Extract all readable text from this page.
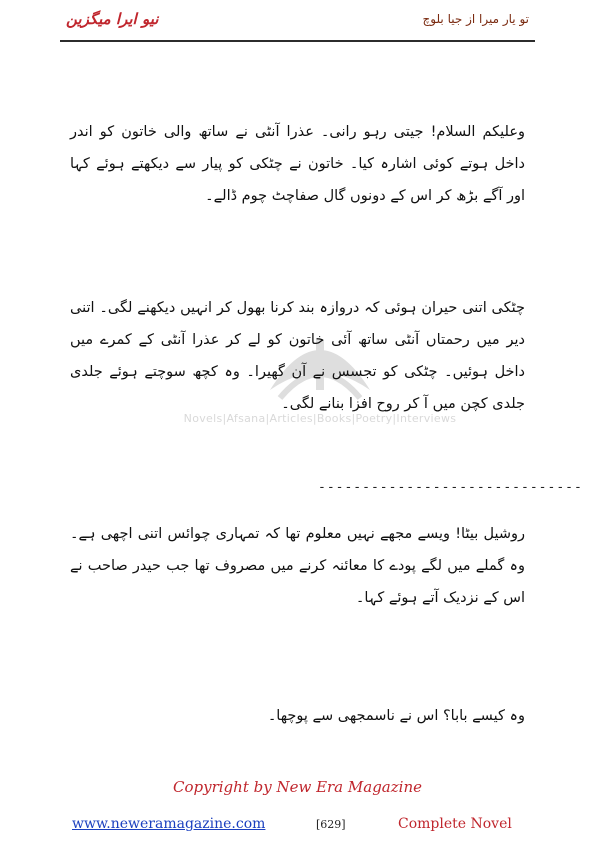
نیو ایرا میگزین	تو یار میرا از جیا بلوچ
Novels|Afsana|Articles|Books|Poetry|Interviews
وعلیکم السلام! جیتی رہو رانی۔ عذرا آنٹی نے ساتھ والی خاتون کو اندر داخل ہوتے کوئی اشارہ کیا۔ خاتون نے چٹکی کو پیار سے دیکھتے ہوئے کہا اور آگے بڑھ کر اس کے دونوں گال صفاچٹ چوم ڈالے۔
چٹکی اتنی حیران ہوئی کہ دروازہ بند کرنا بھول کر انہیں دیکھنے لگی۔ اتنی دیر میں رحمتاں آنٹی ساتھ آئی خاتون کو لے کر عذرا آنٹی کے کمرے میں داخل ہوئیں۔ چٹکی کو تجسس نے آن گھیرا۔ وہ کچھ سوچتے ہوئے جلدی جلدی کچن میں آ کر روح افزا بنانے لگی۔
------------------------------
روشیل بیٹا! ویسے مجھے نہیں معلوم تھا کہ تمہاری چوائس اتنی اچھی ہے۔ وہ گملے میں لگے پودے کا معائنہ کرنے میں مصروف تھا جب حیدر صاحب نے اس کے نزدیک آتے ہوئے کہا۔
وہ کیسے بابا؟ اس نے ناسمجھی سے پوچھا۔
Copyright by New Era Magazine
www.neweramagazine.com	[629]	Complete Novel
